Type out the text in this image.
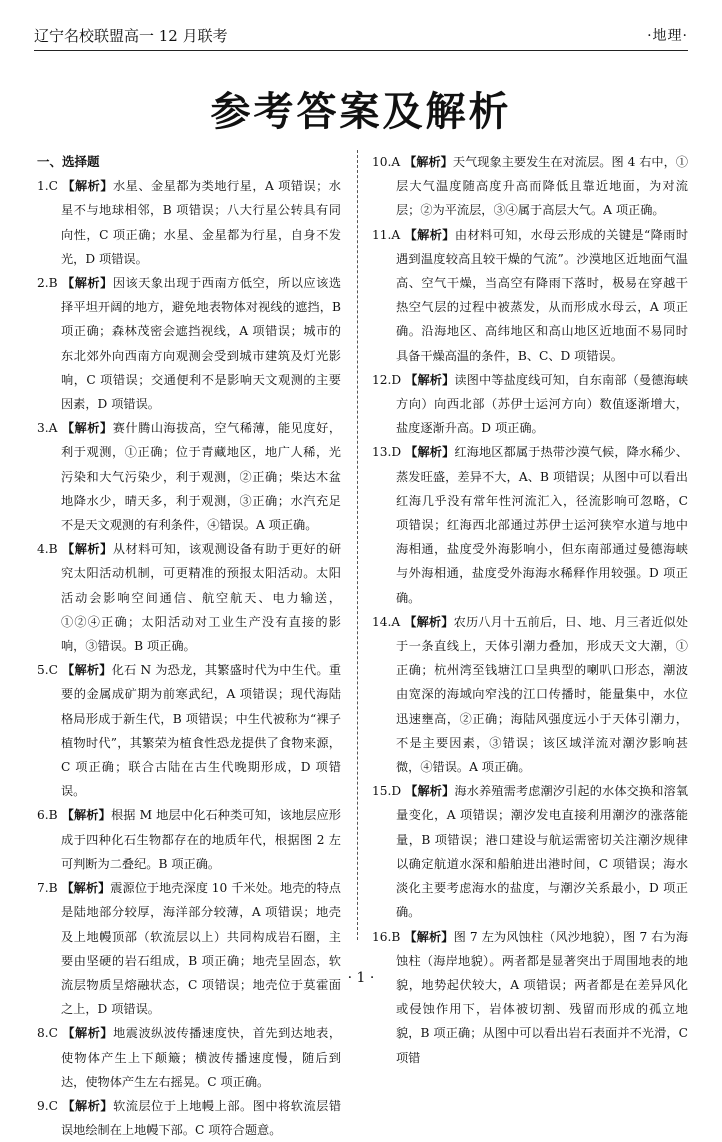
辽宁名校联盟高一 12 月联考	·地理·
参考答案及解析
一、选择题

1.C 【解析】水星、金星都为类地行星，A 项错误；水星不与地球相邻，B 项错误；八大行星公转具有同向性，C 项正确；水星、金星都为行星，自身不发光，D 项错误。

2.B 【解析】因该天象出现于西南方低空，所以应该选择平坦开阔的地方，避免地表物体对视线的遮挡，B 项正确；森林茂密会遮挡视线，A 项错误；城市的东北郊外向西南方向观测会受到城市建筑及灯光影响，C 项错误；交通便利不是影响天文观测的主要因素，D 项错误。

3.A 【解析】赛什腾山海拔高，空气稀薄，能见度好，利于观测，①正确；位于青藏地区，地广人稀，光污染和大气污染少，利于观测，②正确；柴达木盆地降水少，晴天多，利于观测，③正确；水汽充足不是天文观测的有利条件，④错误。A 项正确。

4.B 【解析】从材料可知，该观测设备有助于更好的研究太阳活动机制，可更精准的预报太阳活动。太阳活动会影响空间通信、航空航天、电力输送，①②④正确；太阳活动对工业生产没有直接的影响，③错误。B 项正确。

5.C 【解析】化石 N 为恐龙，其繁盛时代为中生代。重要的金属成矿期为前寒武纪，A 项错误；现代海陆格局形成于新生代，B 项错误；中生代被称为“裸子植物时代”，其繁荣为植食性恐龙提供了食物来源，C 项正确；联合古陆在古生代晚期形成，D 项错误。

6.B 【解析】根据 M 地层中化石种类可知，该地层应形成于四种化石生物都存在的地质年代，根据图 2 左可判断为二叠纪。B 项正确。

7.B 【解析】震源位于地壳深度 10 千米处。地壳的特点是陆地部分较厚，海洋部分较薄，A 项错误；地壳及上地幔顶部（软流层以上）共同构成岩石圈，主要由坚硬的岩石组成，B 项正确；地壳呈固态，软流层物质呈熔融状态，C 项错误；地壳位于莫霍面之上，D 项错误。

8.C 【解析】地震波纵波传播速度快，首先到达地表，使物体产生上下颠簸；横波传播速度慢，随后到达，使物体产生左右摇晃。C 项正确。

9.C 【解析】软流层位于上地幔上部。图中将软流层错误地绘制在上地幔下部。C 项符合题意。

10.A 【解析】天气现象主要发生在对流层。图 4 右中，①层大气温度随高度升高而降低且靠近地面，为对流层；②为平流层，③④属于高层大气。A 项正确。

11.A 【解析】由材料可知，水母云形成的关键是“降雨时遇到温度较高且较干燥的气流”。沙漠地区近地面气温高、空气干燥，当高空有降雨下落时，极易在穿越干热空气层的过程中被蒸发，从而形成水母云，A 项正确。沿海地区、高纬地区和高山地区近地面不易同时具备干燥高温的条件，B、C、D 项错误。

12.D 【解析】读图中等盐度线可知，自东南部（曼德海峡方向）向西北部（苏伊士运河方向）数值逐渐增大，盐度逐渐升高。D 项正确。

13.D 【解析】红海地区都属于热带沙漠气候，降水稀少、蒸发旺盛，差异不大，A、B 项错误；从图中可以看出红海几乎没有常年性河流汇入，径流影响可忽略，C 项错误；红海西北部通过苏伊士运河狭窄水道与地中海相通，盐度受外海影响小，但东南部通过曼德海峡与外海相通，盐度受外海海水稀释作用较强。D 项正确。

14.A 【解析】农历八月十五前后，日、地、月三者近似处于一条直线上，天体引潮力叠加，形成天文大潮，①正确；杭州湾至钱塘江口呈典型的喇叭口形态，潮波由宽深的海域向窄浅的江口传播时，能量集中，水位迅速壅高，②正确；海陆风强度远小于天体引潮力，不是主要因素，③错误；该区域洋流对潮汐影响甚微，④错误。A 项正确。

15.D 【解析】海水养殖需考虑潮汐引起的水体交换和溶氧量变化，A 项错误；潮汐发电直接利用潮汐的涨落能量，B 项错误；港口建设与航运需密切关注潮汐规律以确定航道水深和船舶进出港时间，C 项错误；海水淡化主要考虑海水的盐度，与潮汐关系最小，D 项正确。

16.B 【解析】图 7 左为风蚀柱（风沙地貌），图 7 右为海蚀柱（海岸地貌）。两者都是显著突出于周围地表的地貌，地势起伏较大，A 项错误；两者都是在差异风化或侵蚀作用下，岩体被切割、残留而形成的孤立地貌，B 项正确；从图中可以看出岩石表面并不光滑，C 项错

· 1 ·
